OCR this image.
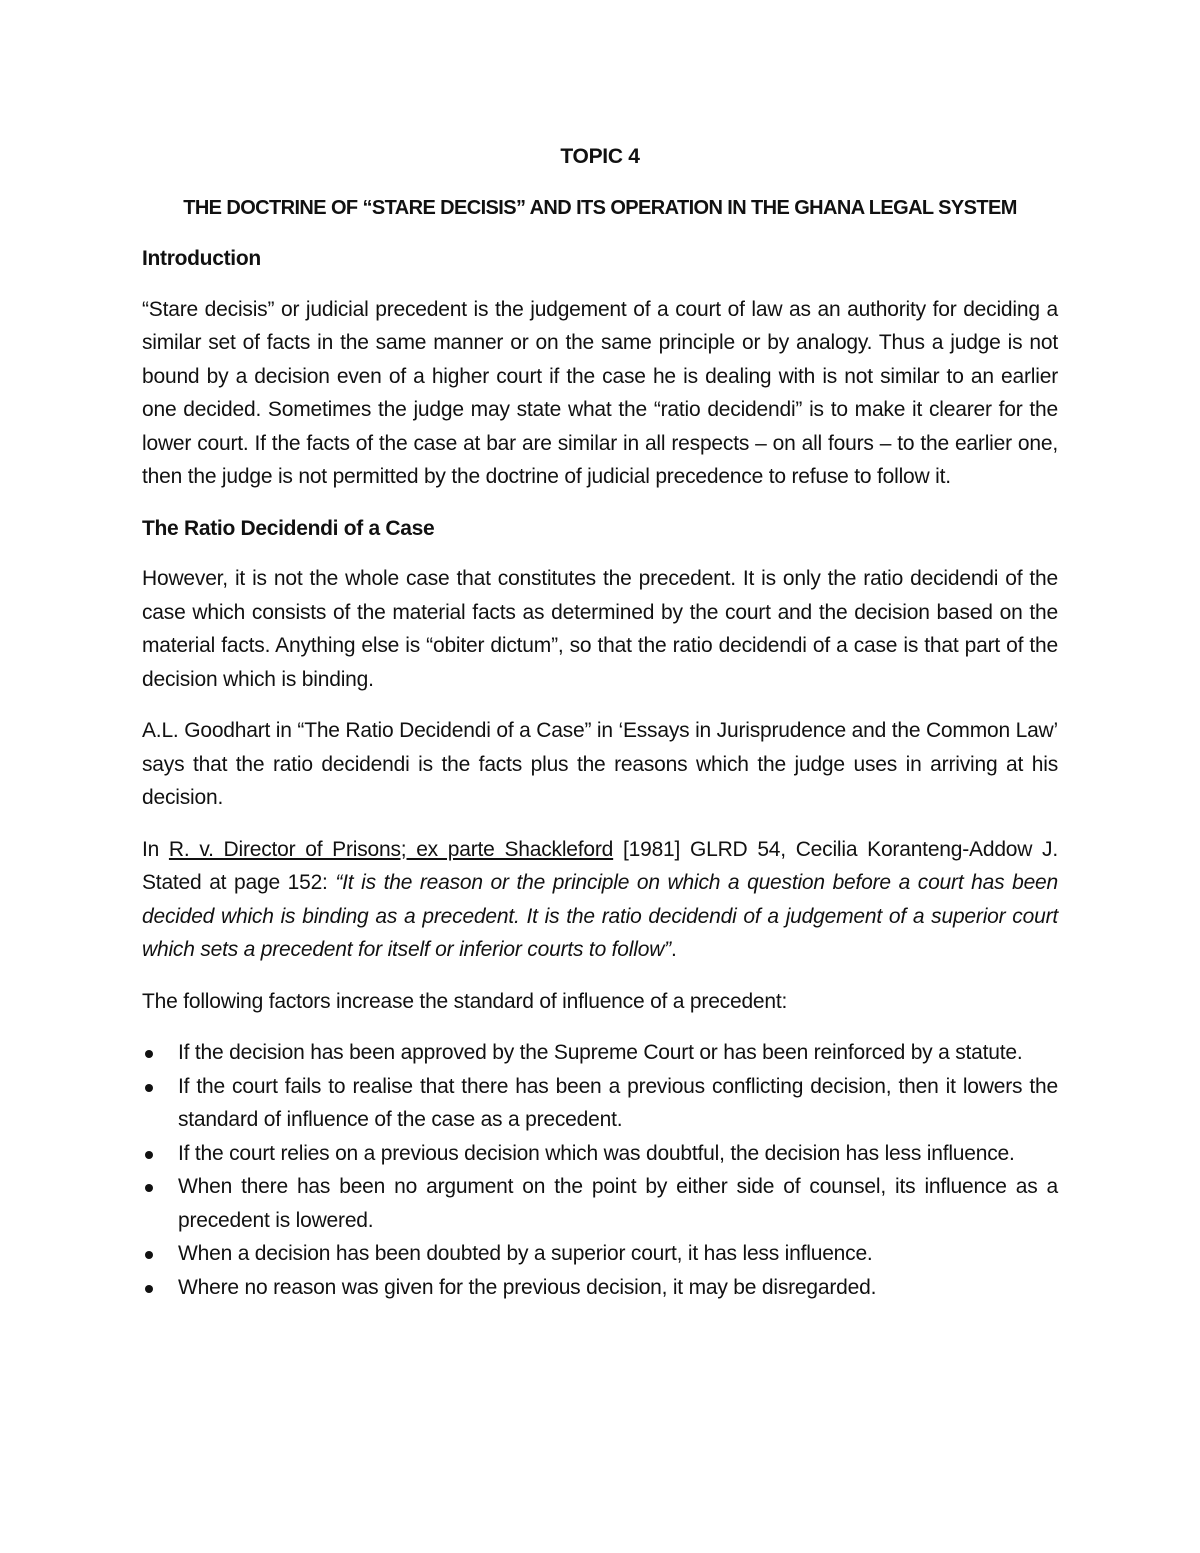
TOPIC 4
THE DOCTRINE OF “STARE DECISIS” AND ITS OPERATION IN THE GHANA LEGAL SYSTEM
Introduction

“Stare decisis” or judicial precedent is the judgement of a court of law as an authority for deciding a similar set of facts in the same manner or on the same principle or by analogy. Thus a judge is not bound by a decision even of a higher court if the case he is dealing with is not similar to an earlier one decided. Sometimes the judge may state what the “ratio decidendi” is to make it clearer for the lower court. If the facts of the case at bar are similar in all respects – on all fours – to the earlier one, then the judge is not permitted by the doctrine of judicial precedence to refuse to follow it.

The Ratio Decidendi of a Case

However, it is not the whole case that constitutes the precedent. It is only the ratio decidendi of the case which consists of the material facts as determined by the court and the decision based on the material facts. Anything else is “obiter dictum”, so that the ratio decidendi of a case is that part of the decision which is binding.

A.L. Goodhart in “The Ratio Decidendi of a Case” in ‘Essays in Jurisprudence and the Common Law’ says that the ratio decidendi is the facts plus the reasons which the judge uses in arriving at his decision.

In R. v. Director of Prisons; ex parte Shackleford [1981] GLRD 54, Cecilia Koranteng-Addow J. Stated at page 152: “It is the reason or the principle on which a question before a court has been decided which is binding as a precedent. It is the ratio decidendi of a judgement of a superior court which sets a precedent for itself or inferior courts to follow”.

The following factors increase the standard of influence of a precedent:

If the decision has been approved by the Supreme Court or has been reinforced by a statute.
If the court fails to realise that there has been a previous conflicting decision, then it lowers the standard of influence of the case as a precedent.
If the court relies on a previous decision which was doubtful, the decision has less influence.
When there has been no argument on the point by either side of counsel, its influence as a precedent is lowered.
When a decision has been doubted by a superior court, it has less influence.
Where no reason was given for the previous decision, it may be disregarded.
